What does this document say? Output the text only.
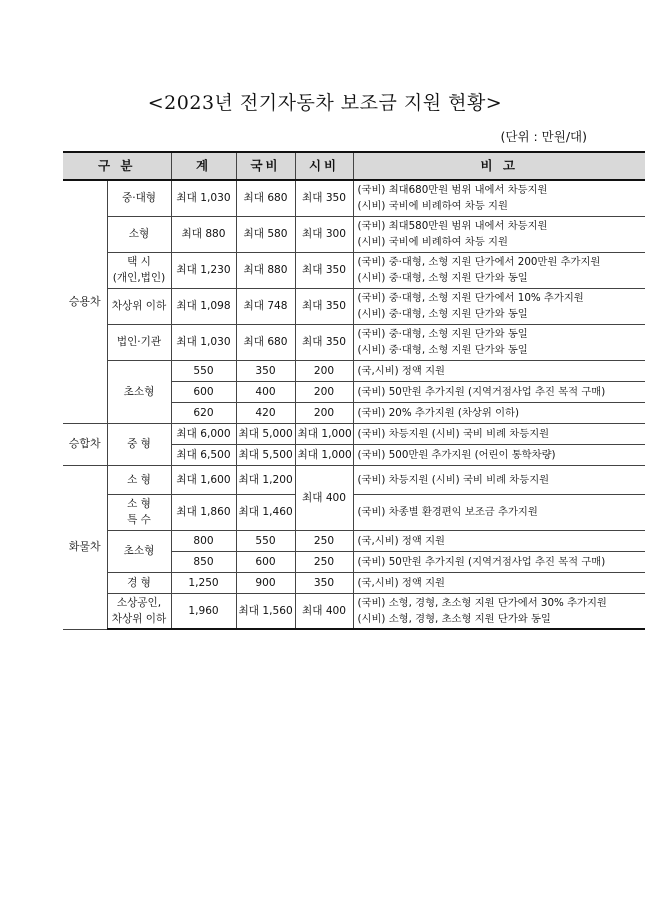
<2023년 전기자동차 보조금 지원 현황>
(단위 : 만원/대)
구 분		계	국비	시비	비 고
승용차	중·대형	최대 1,030	최대 680	최대 350	(국비) 최대680만원 범위 내에서 차등지원
(시비) 국비에 비례하여 차등 지원

	소형	최대 880	최대 580	최대 300	(국비) 최대580만원 범위 내에서 차등지원
(시비) 국비에 비례하여 차등 지원

	택 시
(개인,법인)	최대 1,230	최대 880	최대 350	(국비) 중·대형, 소형 지원 단가에서 200만원 추가지원
(시비) 중·대형, 소형 지원 단가와 동일

	차상위 이하	최대 1,098	최대 748	최대 350	(국비) 중·대형, 소형 지원 단가에서 10% 추가지원
(시비) 중·대형, 소형 지원 단가와 동일

	법인·기관	최대 1,030	최대 680	최대 350	(국비) 중·대형, 소형 지원 단가와 동일
(시비) 중·대형, 소형 지원 단가와 동일

	초소형	550	350	200	(국,시비) 정액 지원
		600	400	200	(국비) 50만원 추가지원 (지역거점사업 추진 목적 구매)
		620	420	200	(국비) 20% 추가지원 (차상위 이하)
승합차	중 형	최대 6,000	최대 5,000	최대 1,000	(국비) 차등지원 (시비) 국비 비례 차등지원
		최대 6,500	최대 5,500	최대 1,000	(국비) 500만원 추가지원 (어린이 통학차량)
화물차	소 형	최대 1,600	최대 1,200	최대 400	(국비) 차등지원 (시비) 국비 비례 차등지원

	소 형
특 수	최대 1,860	최대 1,460		(국비) 차종별 환경편익 보조금 추가지원
	초소형	800	550	250	(국,시비) 정액 지원
		850	600	250	(국비) 50만원 추가지원 (지역거점사업 추진 목적 구매)
	경 형	1,250	900	350	(국,시비) 정액 지원

	소상공인,
차상위 이하	1,960	최대 1,560	최대 400	(국비) 소형, 경형, 초소형 지원 단가에서 30% 추가지원
(시비) 소형, 경형, 초소형 지원 단가와 동일
